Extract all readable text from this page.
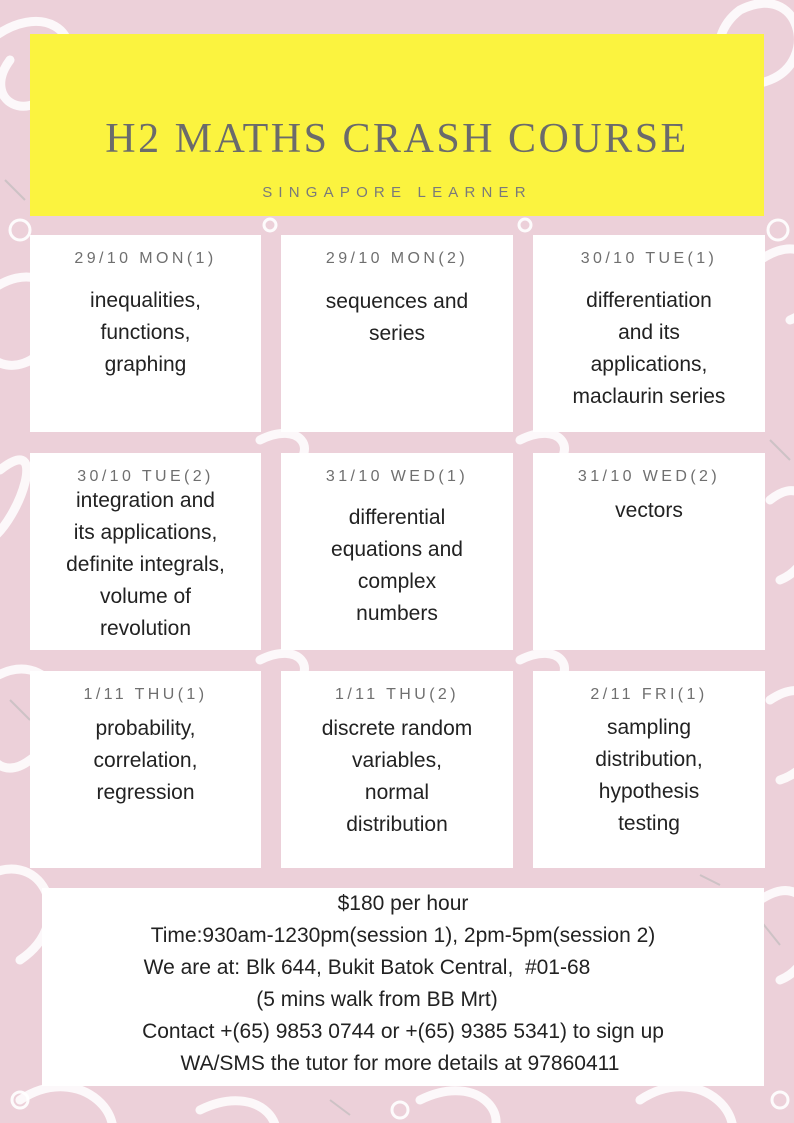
H2 MATHS CRASH COURSE
SINGAPORE LEARNER
29/10 MON(1)
inequalities,
functions,
graphing
29/10 MON(2)
sequences and
series
30/10 TUE(1)
differentiation
and its
applications,
maclaurin series
30/10 TUE(2)
integration and
its applications,
definite integrals,
volume of
revolution
31/10 WED(1)
differential
equations and
complex
numbers
31/10 WED(2)
vectors
1/11 THU(1)
probability,
correlation,
regression
1/11 THU(2)
discrete random
variables,
normal
distribution
2/11 FRI(1)
sampling
distribution,
hypothesis
testing
$180 per hour
Time:930am-1230pm(session 1), 2pm-5pm(session 2)
We are at: Blk 644, Bukit Batok Central,  #01-68
(5 mins walk from BB Mrt)
Contact +(65) 9853 0744 or +(65) 9385 5341) to sign up
WA/SMS the tutor for more details at 97860411
